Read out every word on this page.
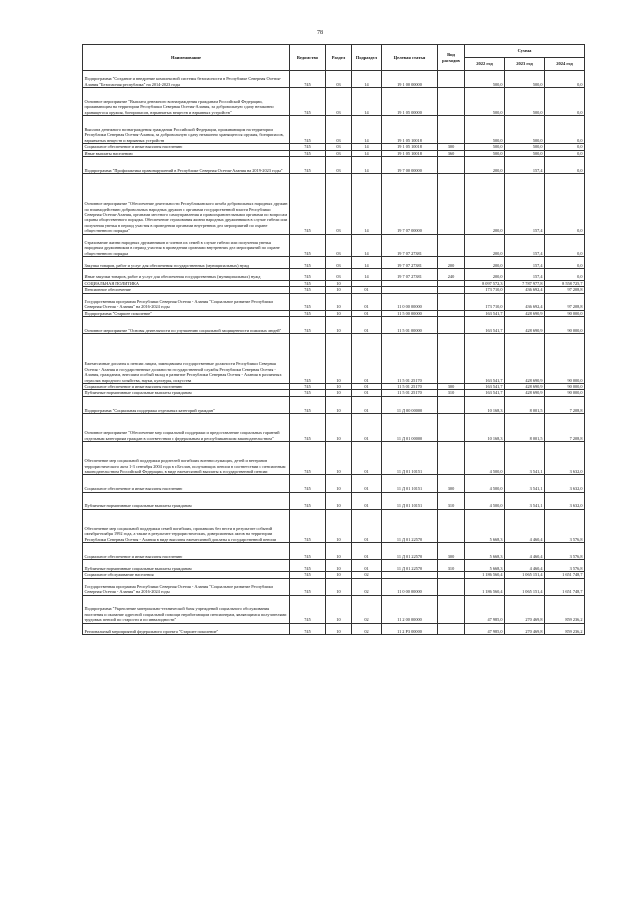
78
Наименование	Ведомство	Раздел	Подраздел	Целевая статья	Вид расходов	Сумма		
						2022 год	2023 год	2024 год
Подпрограмма "Создание и внедрение комплексной системы безопасности в Республике Северная Осетия-Алания "Безопасная республика" на 2014-2023 годы	745	03	14	19 1 00 00000		500,0	500,0	0,0
Основное мероприятие "Выплата денежного вознаграждения гражданам Российской Федерации, проживающим на территории Республики Северная Осетия-Алания, за добровольную сдачу незаконно хранящегося оружия, боеприпасов, взрывчатых веществ и взрывных устройств"	745	03	14	19 1 05 00000		500,0	500,0	0,0
Выплата денежного вознаграждения гражданам Российской Федерации, проживающим на территории Республики Северная Осетия-Алания, за добровольную сдачу незаконно хранящегося оружия, боеприпасов, взрывчатых веществ и взрывных устройств	745	03	14	19 1 05 10018		500,0	500,0	0,0
Социальное обеспечение и иные выплаты населению	745	03	14	19 1 05 10018	300	500,0	500,0	0,0
Иные выплаты населению	745	03	14	19 1 05 10018	360	500,0	500,0	0,0
Подпрограмма "Профилактика правонарушений в Республике Северная Осетия-Алания на 2019-2023 годы"	745	03	14	19 7 00 00000		200,0	157,4	0,0
Основное мероприятие "Обеспечение деятельности Республиканского штаба добровольных народных дружин по взаимодействию добровольных народных дружин с органами государственной власти Республики Северная Осетия-Алания, органами местного самоуправления и правоохранительными органами по вопросам охраны общественного порядка. Обеспечение страхования жизни народных дружинников в случае гибели или получения увечья в период участия в проведении органами внутренних дел мероприятий по охране общественного порядка"	745	03	14	19 7 07 00000		200,0	157,4	0,0
Страхование жизни народных дружинников и членов их семей в случае гибели или получения увечья народным дружинником в период участия в проведении органами внутренних дел мероприятий по охране общественного порядка	745	03	14	19 7 07 27381		200,0	157,4	0,0
Закупка товаров, работ и услуг для обеспечения государственных (муниципальных) нужд	745	03	14	19 7 07 27381	200	200,0	157,4	0,0
Иные закупки товаров, работ и услуг для обеспечения государственных (муниципальных) нужд	745	03	14	19 7 07 27381	240	200,0	157,4	0,0
СОЦИАЛЬНАЯ ПОЛИТИКА	745	10				8 097 572,3	7 787 977,8	8 558 725,7
Пенсионное обеспечение	745	10	01			173 710,0	436 692,4	97 208,8
Государственная программа Республики Северная Осетия - Алания "Социальное развитие Республики Северная Осетия - Алания" на 2016-2024 годы	745	10	01	11 0 00 00000		173 710,0	436 692,4	97 208,8
Подпрограмма "Старшее поколение"	745	10	01	11 5 00 00000		163 541,7	428 690,9	90 000,0
Основное мероприятие "Основы деятельности по улучшению социальной защищенности пожилых людей"	745	10	01	11 5 01 00000		163 541,7	428 690,9	90 000,0
Ежемесячные доплаты к пенсии лицам, замещавшим государственные должности Республики Северная Осетия - Алания и государственные должности государственной службы Республики Северная Осетия - Алания, гражданам, внесшим особый вклад в развитие Республики Северная Осетия - Алания в различных отраслях народного хозяйства, науки, культуры, искусства	745	10	01	11 5 01 25170		163 541,7	428 690,9	90 000,0
Социальное обеспечение и иные выплаты населению	745	10	01	11 5 01 25170	300	163 541,7	428 690,9	90 000,0
Публичные нормативные социальные выплаты гражданам	745	10	01	11 5 01 25170	310	163 541,7	428 690,9	90 000,0
Подпрограмма "Социальная поддержка отдельных категорий граждан"	745	10	01	11 Д 00 00000		10 168,3	8 001,5	7 208,8
Основное мероприятие "Обеспечение мер социальной поддержки и предоставление социальных гарантий отдельным категориям граждан в соответствии с федеральным и республиканским законодательством"	745	10	01	11 Д 01 00000		10 168,3	8 001,5	7 208,8
Обеспечение мер социальной поддержки родителей погибших военнослужащих, детей и ветеранов террористического акта 1-3 сентября 2004 года в г.Беслан, получающих пенсии в соответствии с пенсионным законодательством Российской Федерации, в виде ежемесячной выплаты к государственной пенсии	745	10	01	11 Д 01 10151		4 500,0	3 541,1	3 632,0
Социальное обеспечение и иные выплаты населению	745	10	01	11 Д 01 10151	300	4 500,0	3 541,1	3 632,0
Публичные нормативные социальные выплаты гражданам	745	10	01	11 Д 01 10151	310	4 500,0	3 541,1	3 632,0
Обеспечение мер социальной поддержки семей погибших, пропавших без вести в результате событий октября-ноября 1992 года, а также в результате террористических, диверсионных актов на территории Республики Северная Осетия - Алания в виде выплаты ежемесячной доплаты к государственной пенсии	745	10	01	11 Д 01 22570		5 668,3	4 460,4	3 576,8
Социальное обеспечение и иные выплаты населению	745	10	01	11 Д 01 22570	300	5 668,3	4 460,4	3 576,8
Публичные нормативные социальные выплаты гражданам	745	10	01	11 Д 01 22570	310	5 668,3	4 460,4	3 576,8
Социальное обслуживание населения	745	10	02			1 186 560,4	1 065 151,4	1 651 748,7
Государственная программа Республики Северная Осетия - Алания "Социальное развитие Республики Северная Осетия - Алания" на 2016-2024 годы	745	10	02	11 0 00 00000		1 186 560,4	1 065 151,4	1 651 748,7
Подпрограмма "Укрепление материально-технической базы учреждений социального обслуживания населения и оказание адресной социальной помощи неработающим пенсионерам, являющимся получателями трудовых пенсий по старости и по инвалидности"	745	10	02	11 2 00 00000		47 985,0	270 469,8	859 236,2
Региональный мероприятий федерального проекта "Старшее поколение"	745	10	02	11 2 Р3 00000		47 985,0	270 469,8	859 236,2
